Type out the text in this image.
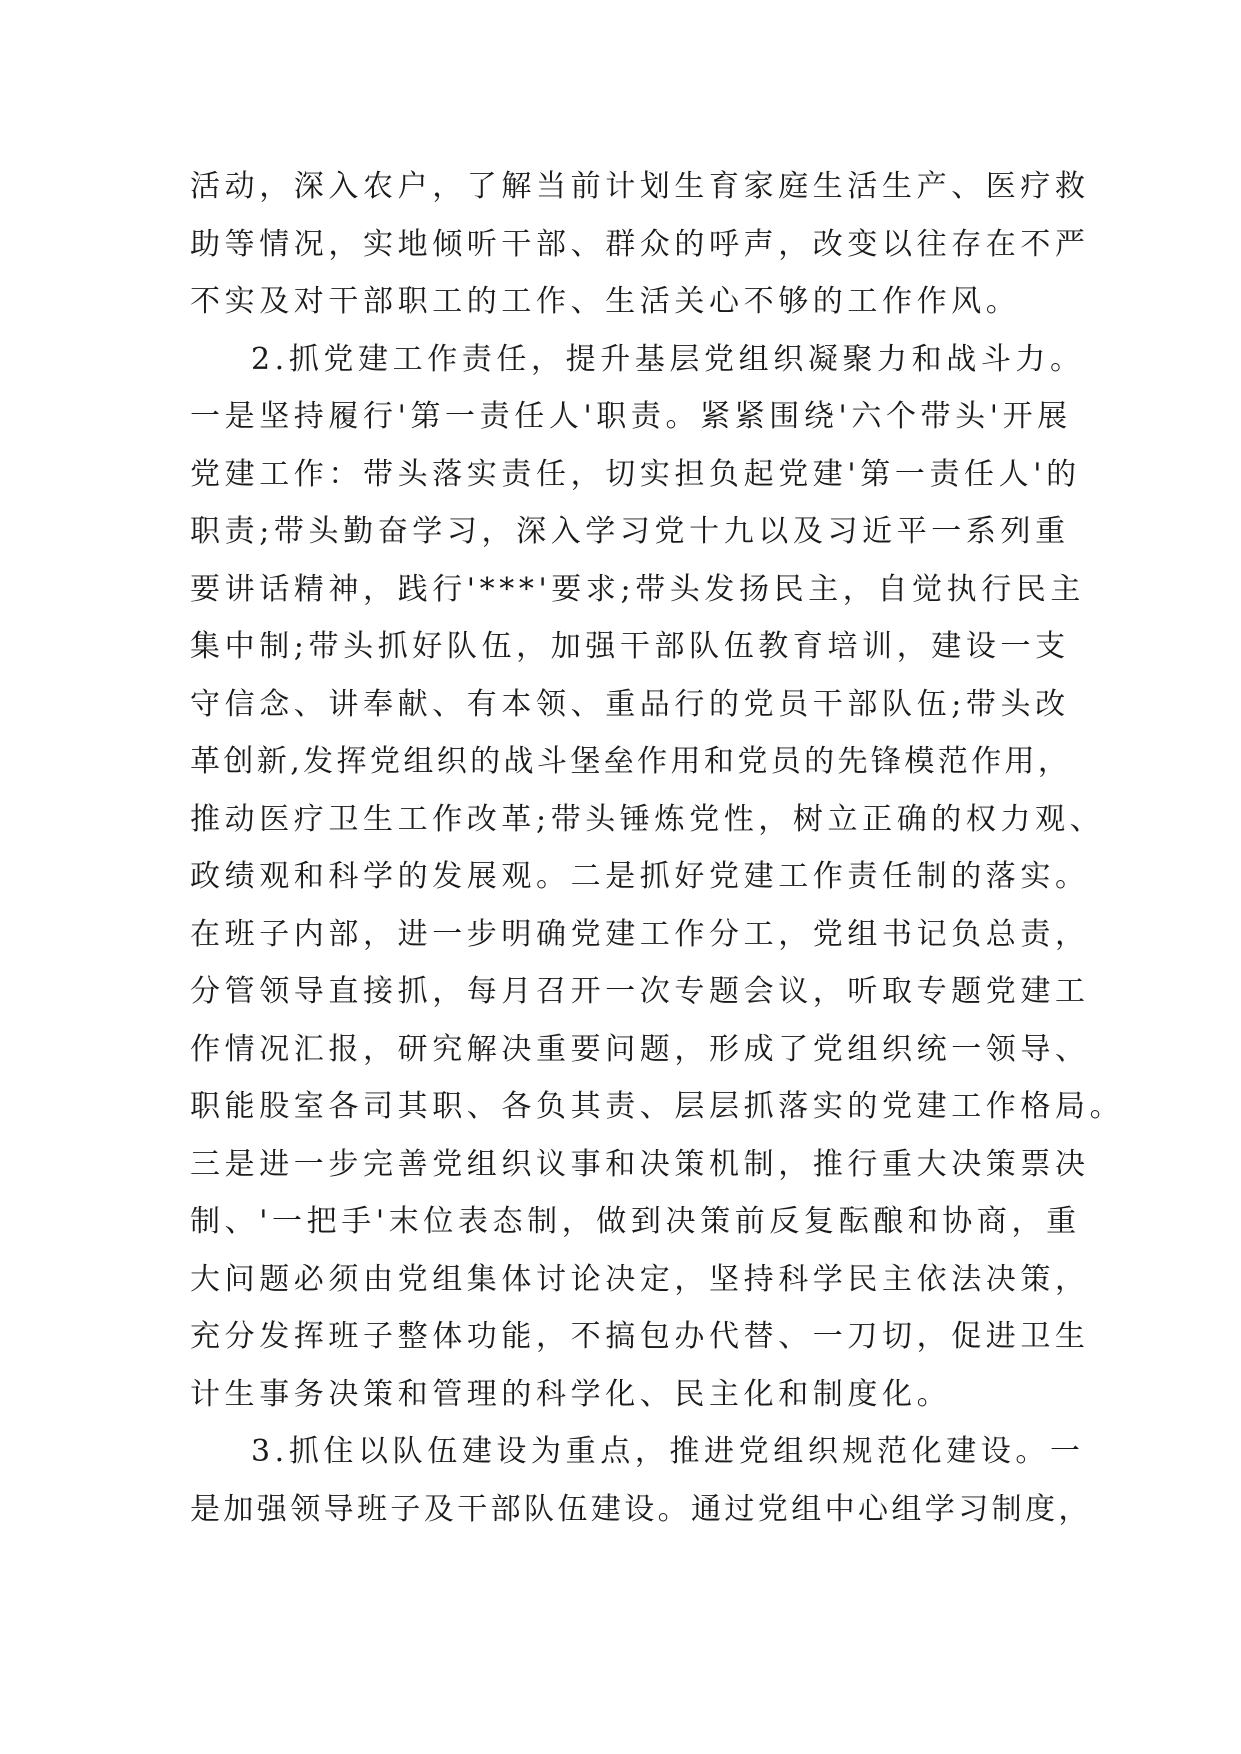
活动，深入农户，了解当前计划生育家庭生活生产、医疗救
助等情况，实地倾听干部、群众的呼声，改变以往存在不严
不实及对干部职工的工作、生活关心不够的工作作风。
2.抓党建工作责任，提升基层党组织凝聚力和战斗力。
一是坚持履行'第一责任人'职责。紧紧围绕'六个带头'开展
党建工作：带头落实责任，切实担负起党建'第一责任人'的
职责;带头勤奋学习，深入学习党十九以及习近平一系列重
要讲话精神，践行'***'要求;带头发扬民主，自觉执行民主
集中制;带头抓好队伍，加强干部队伍教育培训，建设一支
守信念、讲奉献、有本领、重品行的党员干部队伍;带头改
革创新,发挥党组织的战斗堡垒作用和党员的先锋模范作用，
推动医疗卫生工作改革;带头锤炼党性，树立正确的权力观、
政绩观和科学的发展观。二是抓好党建工作责任制的落实。
在班子内部，进一步明确党建工作分工，党组书记负总责，
分管领导直接抓，每月召开一次专题会议，听取专题党建工
作情况汇报，研究解决重要问题，形成了党组织统一领导、
职能股室各司其职、各负其责、层层抓落实的党建工作格局。
三是进一步完善党组织议事和决策机制，推行重大决策票决
制、'一把手'末位表态制，做到决策前反复酝酿和协商，重
大问题必须由党组集体讨论决定，坚持科学民主依法决策，
充分发挥班子整体功能，不搞包办代替、一刀切，促进卫生
计生事务决策和管理的科学化、民主化和制度化。
3.抓住以队伍建设为重点，推进党组织规范化建设。一
是加强领导班子及干部队伍建设。通过党组中心组学习制度，
